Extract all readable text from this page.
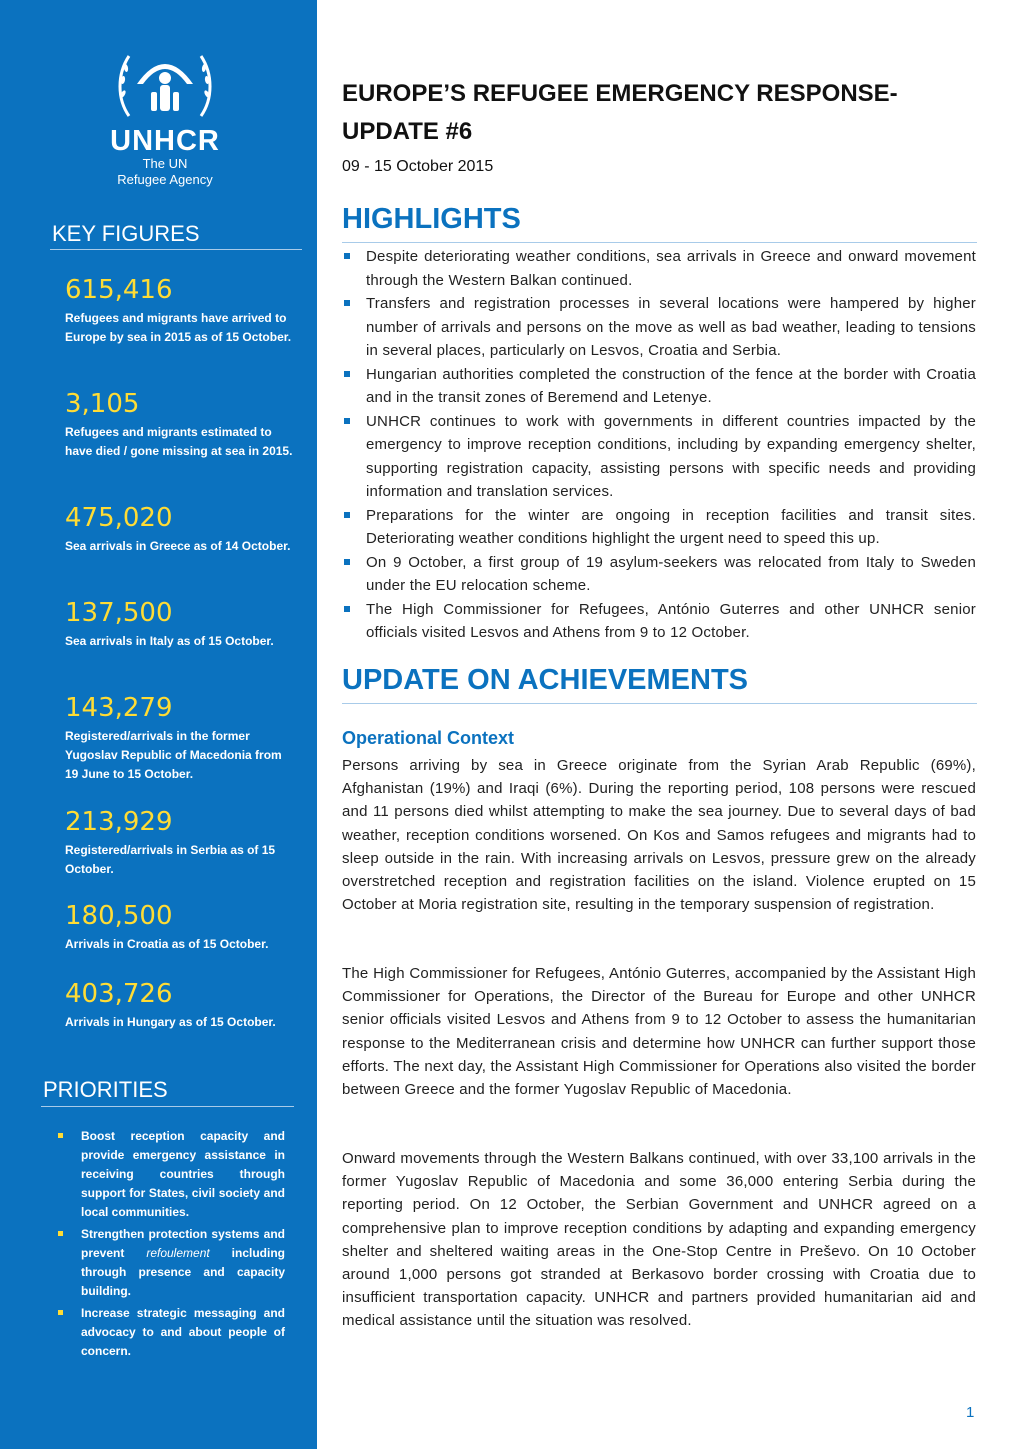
UNHCR
The UN
Refugee Agency
KEY FIGURES
615,416
Refugees and migrants have arrived to Europe by sea in 2015 as of 15 October.
3,105
Refugees and migrants estimated to have died / gone missing at sea in 2015.
475,020
Sea arrivals in Greece as of 14 October.
137,500
Sea arrivals in Italy as of 15 October.
143,279
Registered/arrivals in the former Yugoslav Republic of Macedonia from 19 June to 15 October.
213,929
Registered/arrivals in Serbia as of 15 October.
180,500
Arrivals in Croatia as of 15 October.
403,726
Arrivals in Hungary as of 15 October.
PRIORITIES
Boost reception capacity and provide emergency assistance in receiving countries through support for States, civil society and local communities.
Strengthen protection systems and prevent refoulement including through presence and capacity building.
Increase strategic messaging and advocacy to and about people of concern.
EUROPE’S REFUGEE EMERGENCY RESPONSE-
UPDATE #6
09 - 15 October 2015
HIGHLIGHTS
Despite deteriorating weather conditions, sea arrivals in Greece and onward movement through the Western Balkan continued.
Transfers and registration processes in several locations were hampered by higher number of arrivals and persons on the move as well as bad weather, leading to tensions in several places, particularly on Lesvos, Croatia and Serbia.
Hungarian authorities completed the construction of the fence at the border with Croatia and in the transit zones of Beremend and Letenye.
UNHCR continues to work with governments in different countries impacted by the emergency to improve reception conditions, including by expanding emergency shelter, supporting registration capacity, assisting persons with specific needs and providing information and translation services.
Preparations for the winter are ongoing in reception facilities and transit sites. Deteriorating weather conditions highlight the urgent need to speed this up.
On 9 October, a first group of 19 asylum-seekers was relocated from Italy to Sweden under the EU relocation scheme.
The High Commissioner for Refugees, António Guterres and other UNHCR senior officials visited Lesvos and Athens from 9 to 12 October.
UPDATE ON ACHIEVEMENTS
Operational Context

Persons arriving by sea in Greece originate from the Syrian Arab Republic (69%), Afghanistan (19%) and Iraqi (6%). During the reporting period, 108 persons were rescued and 11 persons died whilst attempting to make the sea journey. Due to several days of bad weather, reception conditions worsened. On Kos and Samos refugees and migrants had to sleep outside in the rain. With increasing arrivals on Lesvos, pressure grew on the already overstretched reception and registration facilities on the island. Violence erupted on 15 October at Moria registration site, resulting in the temporary suspension of registration.

The High Commissioner for Refugees, António Guterres, accompanied by the Assistant High Commissioner for Operations, the Director of the Bureau for Europe and other UNHCR senior officials visited Lesvos and Athens from 9 to 12 October to assess the humanitarian response to the Mediterranean crisis and determine how UNHCR can further support those efforts. The next day, the Assistant High Commissioner for Operations also visited the border between Greece and the former Yugoslav Republic of Macedonia.

Onward movements through the Western Balkans continued, with over 33,100 arrivals in the former Yugoslav Republic of Macedonia and some 36,000 entering Serbia during the reporting period. On 12 October, the Serbian Government and UNHCR agreed on a comprehensive plan to improve reception conditions by adapting and expanding emergency shelter and sheltered waiting areas in the One-Stop Centre in Preševo. On 10 October around 1,000 persons got stranded at Berkasovo border crossing with Croatia due to insufficient transportation capacity. UNHCR and partners provided humanitarian aid and medical assistance until the situation was resolved.

1
